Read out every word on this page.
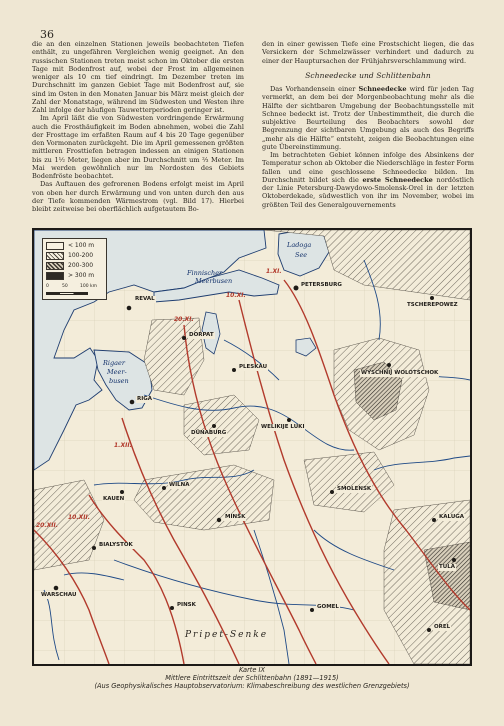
36

die an den einzelnen Stationen jeweils beobachteten Tiefen enthält, zu ungefähren Vergleichen wenig geeignet. An den russischen Stationen treten meist schon im Oktober die ersten Tage mit Bodenfrost auf, wobei der Frost im allgemeinen weniger als 10 cm tief eindringt. Im Dezember treten im Durchschnitt im ganzen Gebiet Tage mit Bodenfrost auf, sie sind im Osten in den Monaten Januar bis März meist gleich der Zahl der Monatstage, während im Südwesten und Westen ihre Zahl infolge der häufigen Tauwetterperioden geringer ist.

Im April läßt die von Südwesten vordringende Erwärmung auch die Frosthäufigkeit im Boden abnehmen, wobei die Zahl der Frosttage im erfaßten Raum auf 4 bis 20 Tage gegenüber den Vormonaten zurückgeht. Die im April gemessenen größten mittleren Frosttiefen betragen indessen an einigen Stationen bis zu 1½ Meter, liegen aber im Durchschnitt um ⅔ Meter. Im Mai werden gewöhnlich nur im Nordosten des Gebiets Bodenfröste beobachtet.

Das Auftauen des gefrorenen Bodens erfolgt meist im April von oben her durch Erwärmung und von unten durch den aus der Tiefe kommenden Wärmestrom (vgl. Bild 17). Hierbei bleibt zeitweise bei oberflächlich aufgetautem Bo-

den in einer gewissen Tiefe eine Frostschicht liegen, die das Versickern der Schmelzwässer verhindert und dadurch zu einer der Hauptursachen der Frühjahrsverschlammung wird.

Schneedecke und Schlittenbahn

Das Vorhandensein einer Schneedecke wird für jeden Tag vermerkt, an dem bei der Morgenbeobachtung mehr als die Hälfte der sichtbaren Umgebung der Beobachtungsstelle mit Schnee bedeckt ist. Trotz der Unbestimmtheit, die durch die subjektive Beurteilung des Beobachters sowohl der Begrenzung der sichtbaren Umgebung als auch des Begriffs „mehr als die Hälfte“ entsteht, zeigen die Beobachtungen eine gute Übereinstimmung.

Im betrachteten Gebiet können infolge des Absinkens der Temperatur schon ab Oktober die Niederschläge in fester Form fallen und eine geschlossene Schneedecke bilden. Im Durchschnitt bildet sich die erste Schneedecke nordöstlich der Linie Petersburg-Dawydowo-Smolensk-Orel in der letzten Oktoberdekade, südwestlich von ihr im November, wobei im größten Teil des Generalgouvernements

< 100 m
100-200
200-300
> 300 m
0	50	100 km
Finnischer
Meerbusen
Rigaer
Meer-
busen
Ladoga
See
Pripet-Senke
REVAL
PETERSBURG
DORPAT
PLESKAU
RIGA
DÜNABURG
WELIKIJE LUKI
KAUEN
WILNA
MINSK
BIALYSTOK
WARSCHAU
PINSK
SMOLENSK
TSCHEREPOWEZ
WYSCHNIJ WOLOTSCHOK
KALUGA
TULA
OREL
GOMEL
1.XI.
10.XI.
20.XI.
1.XII.
10.XII.
20.XII.
Karte IX
Mittlere Eintrittszeit der Schlittenbahn (1891—1915)
(Aus Geophysikalisches Hauptobservatorium: Klimabeschreibung des westlichen Grenzgebiets)
